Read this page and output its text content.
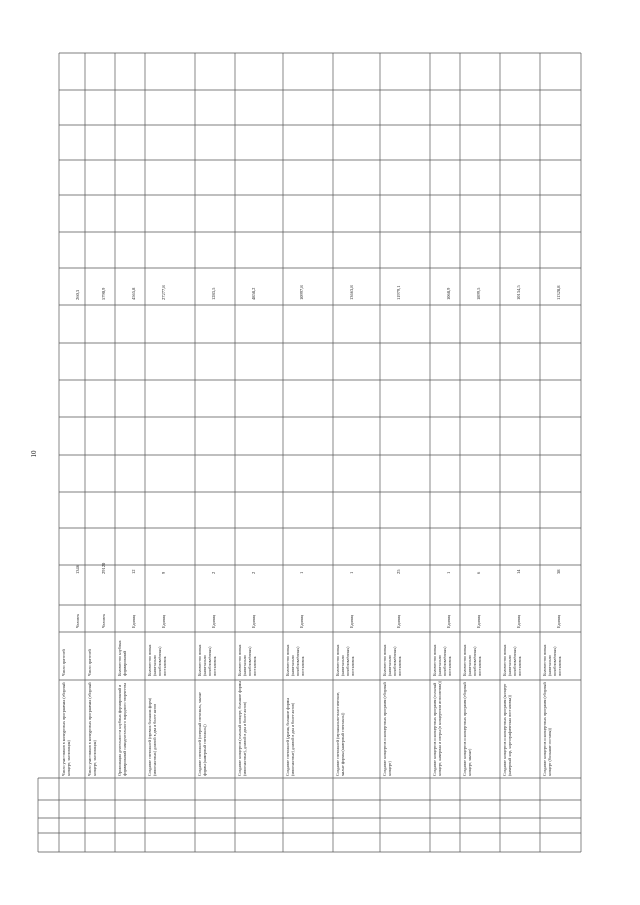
10
Число участников в конкурсных программах (сборный концерт, экспозиция)
Число зрителей
Человек
1346
260,3
Число участников в конкурсных программах (сборный концерт, экспозиция)
Число зрителей
Человек
29120
5790,9
Организация деятельности клубных формирований и формирований самодеятельного народного творчества
Количество клубных формирований
Единиц
12
4565,8
Создание спектаклей (прочих больших форм) (многоактных) длиной в два и более актов
Количество новых (капитально возобновлённых) постановок
Единиц
9
27277,8
Создание спектаклей (оперный спектакль, малые формы (камерный спектакль))
Количество новых (капитально возобновлённых) постановок
Единиц
2
1283,5
Создание концертов (сольный концерт, большие формы (многоактные), длиной в два и более актов)
Количество новых (капитально возобновлённых) постановок
Единиц
2
4858,2
Создание спектаклей (драма, большие формы (многоактные) длиной в два и более актов)
Количество новых (капитально возобновлённых) постановок
Единиц
1
10997,8
Создание спектаклей (музыкально-пластические, малые формы (камерный спектакль))
Количество новых (капитально возобновлённых) постановок
Единиц
1
13663,8
Создание концертов и концертных программ (сборный концерт)
Количество новых (капитально возобновлённых) постановок
Единиц
25
11979,1
Создание концертов и концертных программ (сольный концерт, камерная и оперы (в концертном исполнении))
Количество новых (капитально возобновлённых) постановок
Единиц
1
1068,9
Создание концертов и концертных программ (сборный концерт, малые)
Количество новых (капитально возобновлённых) постановок
Единиц
6
1899,5
Создание концертов и концертных программ (концерт (камерный хор, хореографическая постановка))
Количество новых (капитально возобновлённых) постановок
Единиц
14
10134,5
Создание концертов и концертных программ (сборный концерт (большие составы))
Количество новых (капитально возобновлённых) постановок
Единиц
38
11328,8
